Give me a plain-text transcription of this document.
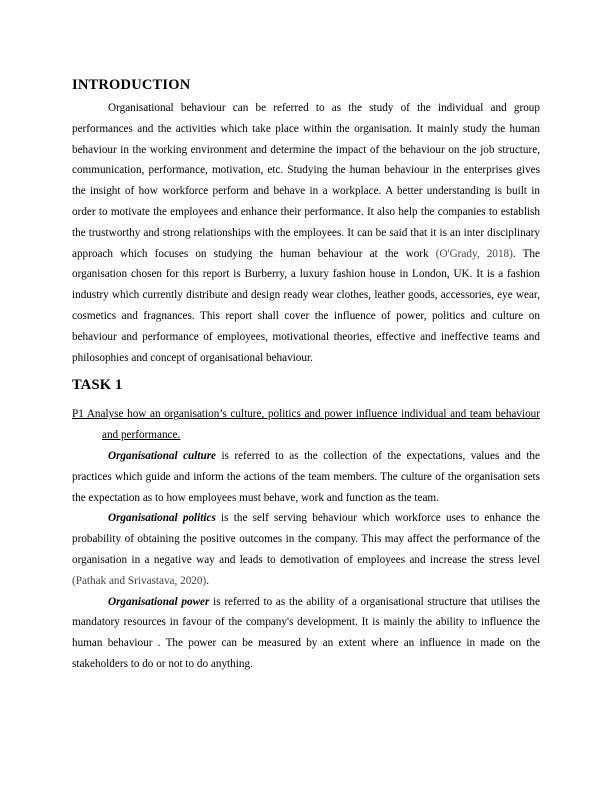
INTRODUCTION

Organisational behaviour can be referred to as the study of the individual and group performances and the activities which take place within the organisation. It mainly study the human behaviour in the working environment and determine the impact of the behaviour on the job structure, communication, performance, motivation, etc. Studying the human behaviour in the enterprises gives the insight of how workforce perform and behave in a workplace. A better understanding is built in order to motivate the employees and enhance their performance. It also help the companies to establish the trustworthy and strong relationships with the employees. It can be said that it is an inter disciplinary approach which focuses on studying the human behaviour at the work (O'Grady, 2018). The organisation chosen for this report is Burberry, a luxury fashion house in London, UK. It is a fashion industry which currently distribute and design ready wear clothes, leather goods, accessories, eye wear, cosmetics and fragnances. This report shall cover the influence of power, politics and culture on behaviour and performance of employees, motivational theories, effective and ineffective teams and philosophies and concept of organisational behaviour.

TASK 1

P1 Analyse how an organisation’s culture, politics and power influence individual and team behaviour and performance.

Organisational culture is referred to as the collection of the expectations, values and the practices which guide and inform the actions of the team members. The culture of the organisation sets the expectation as to how employees must behave, work and function as the team.

Organisational politics is the self serving behaviour which workforce uses to enhance the probability of obtaining the positive outcomes in the company. This may affect the performance of the organisation in a negative way and leads to demotivation of employees and increase the stress level (Pathak and Srivastava, 2020).

Organisational power is referred to as the ability of a organisational structure that utilises the mandatory resources in favour of the company's development. It is mainly the ability to influence the human behaviour . The power can be measured by an extent where an influence in made on the stakeholders to do or not to do anything.
